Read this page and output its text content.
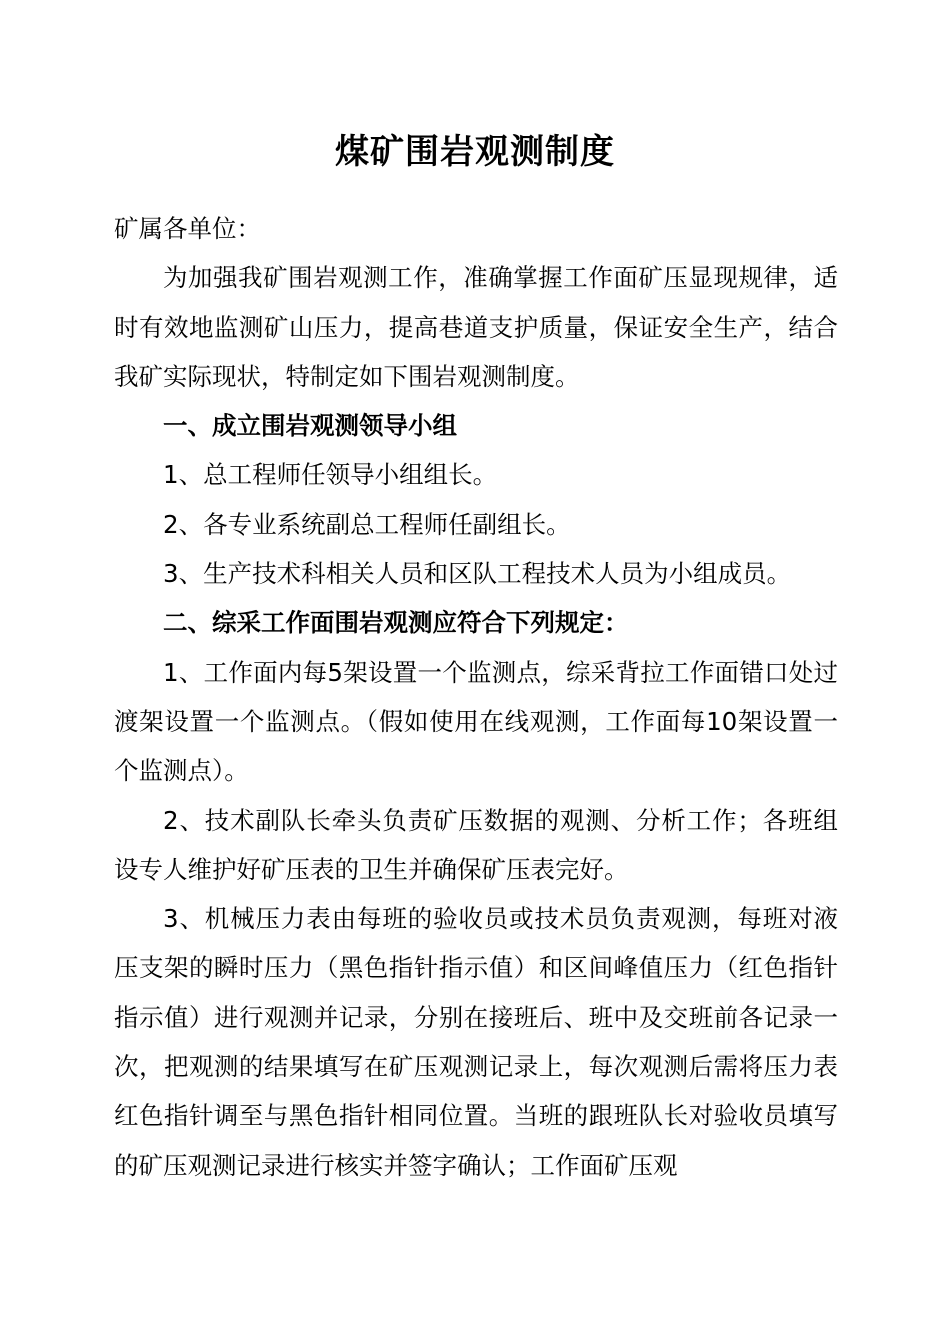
煤矿围岩观测制度

矿属各单位：

为加强我矿围岩观测工作，准确掌握工作面矿压显现规律，适时有效地监测矿山压力，提高巷道支护质量，保证安全生产，结合我矿实际现状，特制定如下围岩观测制度。

一、成立围岩观测领导小组

1、总工程师任领导小组组长。

2、各专业系统副总工程师任副组长。

3、生产技术科相关人员和区队工程技术人员为小组成员。

二、综采工作面围岩观测应符合下列规定：

1、工作面内每5架设置一个监测点，综采背拉工作面错口处过渡架设置一个监测点。（假如使用在线观测，工作面每10架设置一个监测点）。

2、技术副队长牵头负责矿压数据的观测、分析工作；各班组设专人维护好矿压表的卫生并确保矿压表完好。

3、机械压力表由每班的验收员或技术员负责观测，每班对液压支架的瞬时压力（黑色指针指示值）和区间峰值压力（红色指针指示值）进行观测并记录，分别在接班后、班中及交班前各记录一次，把观测的结果填写在矿压观测记录上，每次观测后需将压力表红色指针调至与黑色指针相同位置。当班的跟班队长对验收员填写的矿压观测记录进行核实并签字确认；工作面矿压观
